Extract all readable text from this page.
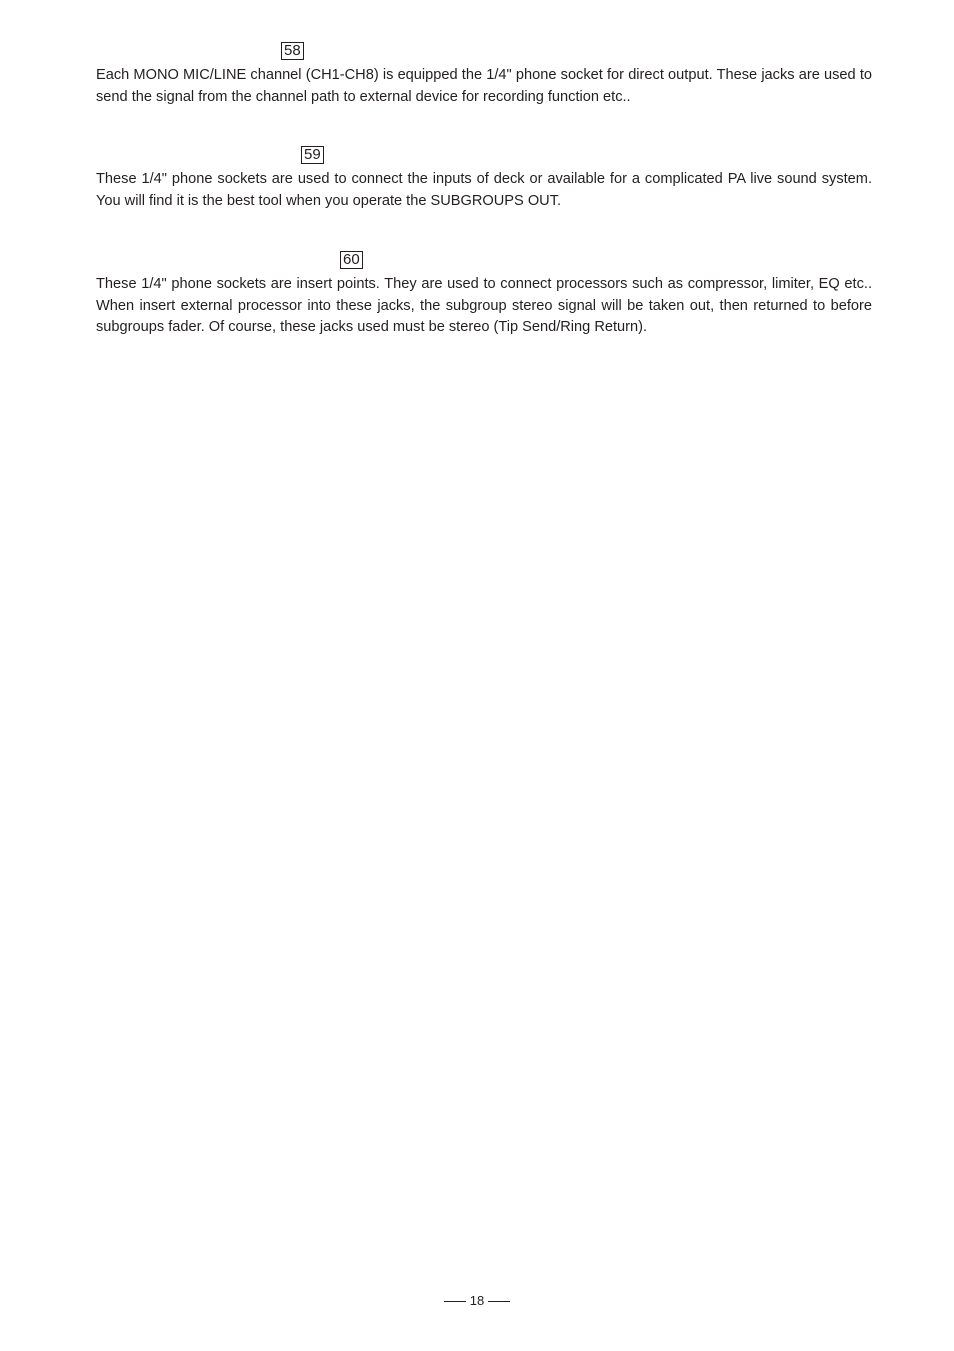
58

Each MONO MIC/LINE channel (CH1-CH8) is equipped the 1/4" phone socket for direct output. These jacks are used to send the signal from the channel path to external device for recording function etc..

59

These 1/4" phone sockets are used to connect the inputs of deck or available for a complicated PA live sound system. You will find it is the best tool when you operate the SUBGROUPS OUT.

60

These 1/4" phone sockets are insert points. They are used to connect processors such as compressor, limiter, EQ etc.. When insert external processor into these jacks, the subgroup stereo signal will be taken out, then returned to before subgroups fader. Of course, these jacks used must be stereo (Tip Send/Ring Return).

18
